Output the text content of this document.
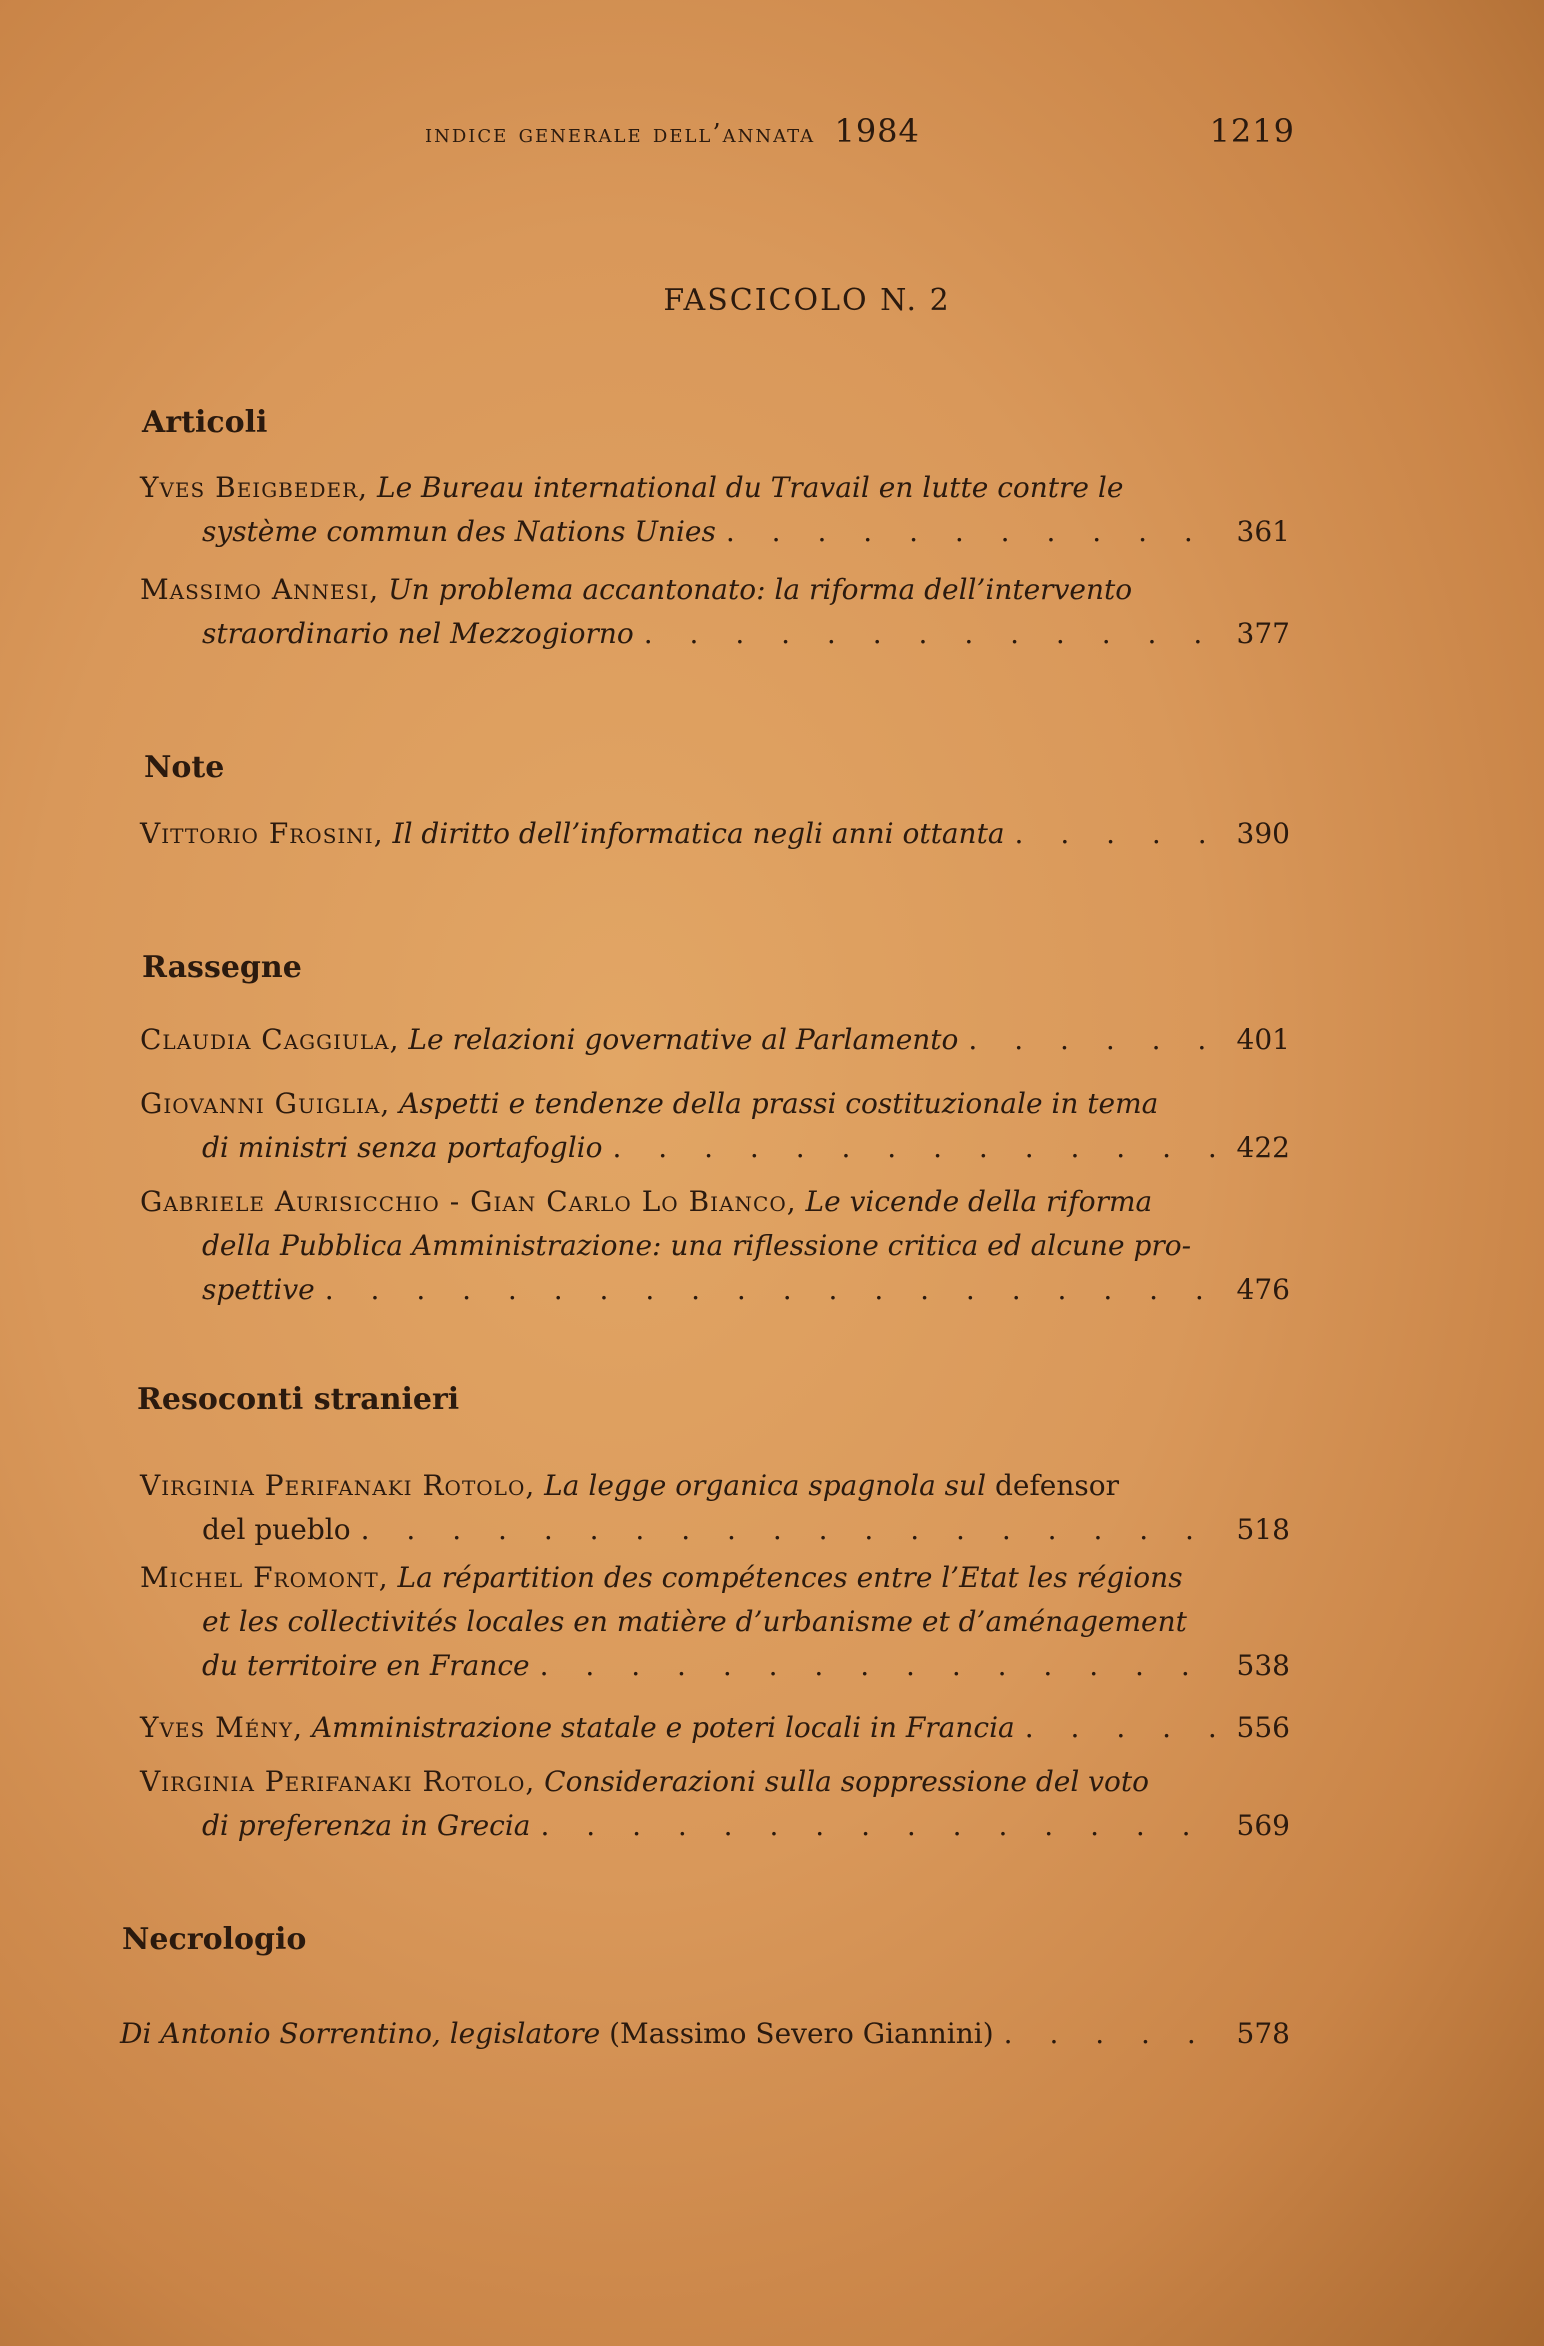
indice generale dell’annata 1984	1219
FASCICOLO N. 2
Articoli
Yves Beigbeder,
Le Bureau international du Travail en lutte contre le
système commun des Nations Unies . . .	361
Massimo Annesi,
Un problema accantonato: la riforma dell’intervento
straordinario nel Mezzogiorno . . .	377
Note
Vittorio Frosini,
Il diritto dell’informatica negli anni ottanta . . .	390
Rassegne
Claudia Caggiula,
Le relazioni governative al Parlamento . . .	401
Giovanni Guiglia,
Aspetti e tendenze della prassi costituzionale in tema
di ministri senza portafoglio . . .	422
Gabriele Aurisicchio - Gian Carlo Lo Bianco,
Le vicende della riforma
della Pubblica Amministrazione: una riflessione critica ed alcune pro-
spettive . . .	476
Resoconti stranieri
Virginia Perifanaki Rotolo,
La legge organica spagnola sul
defensor
del pueblo . . .	518
Michel Fromont,
La répartition des compétences entre l’Etat les régions
et les collectivités locales en matière d’urbanisme et d’aménagement
du territoire en France . . .	538
Yves Mény,
Amministrazione statale e poteri locali in Francia . . .	556
Virginia Perifanaki Rotolo,
Considerazioni sulla soppressione del voto
di preferenza in Grecia . . .	569
Necrologio
Di Antonio Sorrentino, legislatore
(Massimo Severo Giannini) . . .	578
